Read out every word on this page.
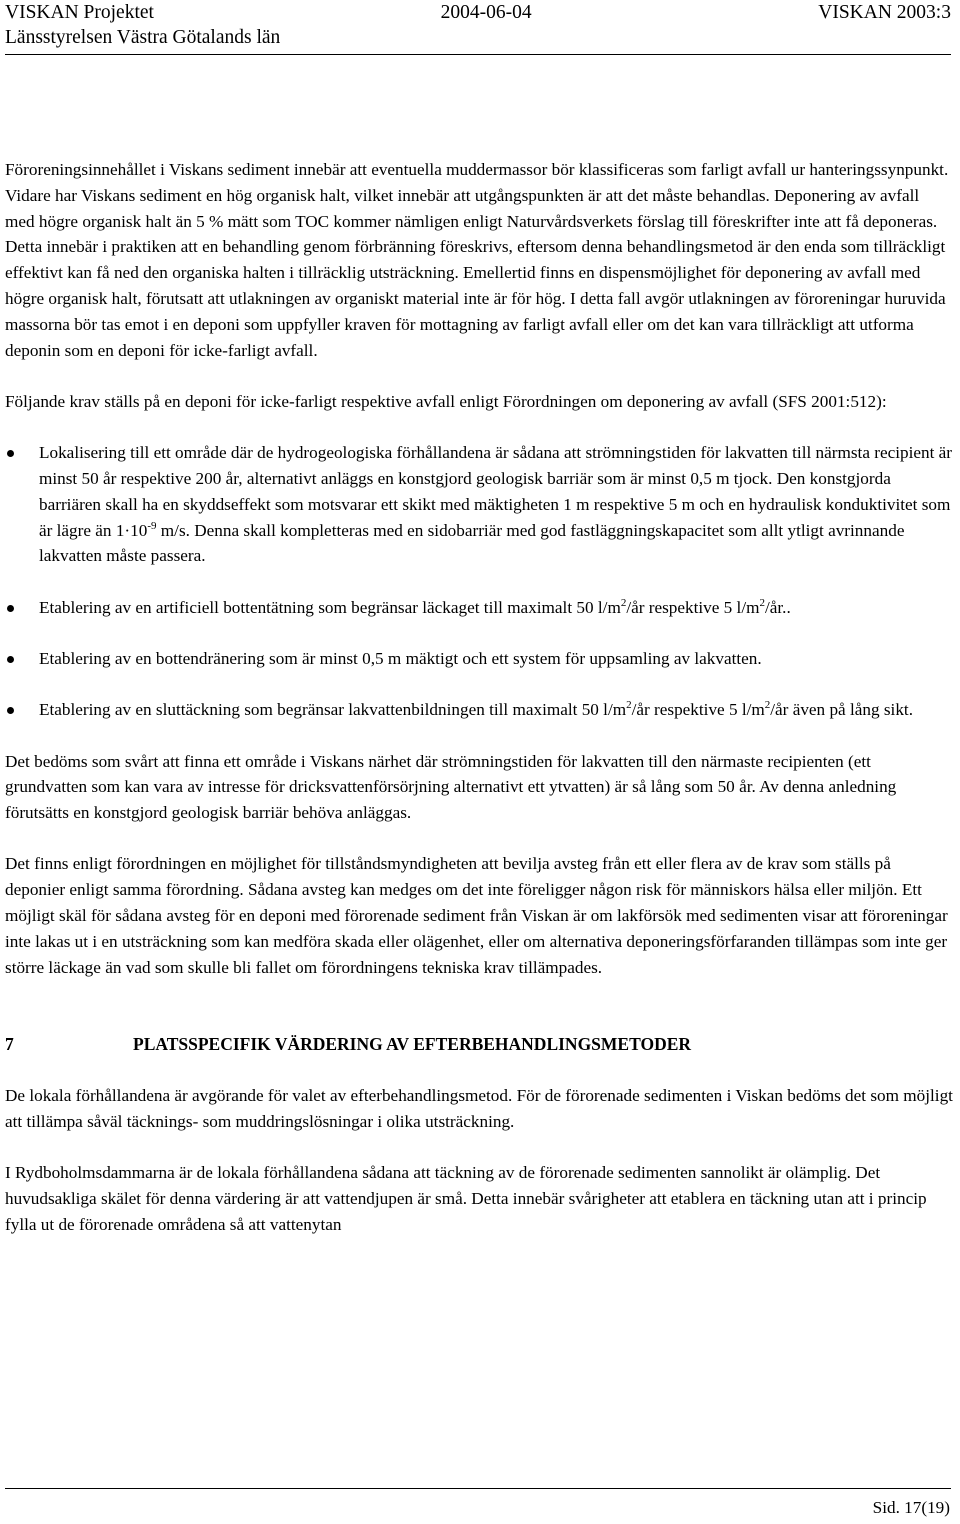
VISKAN Projektet	2004-06-04	VISKAN 2003:3
Länsstyrelsen Västra Götalands län

Föroreningsinnehållet i Viskans sediment innebär att eventuella muddermassor bör klassificeras som farligt avfall ur hanteringssynpunkt. Vidare har Viskans sediment en hög organisk halt, vilket innebär att utgångspunkten är att det måste behandlas. Deponering av avfall med högre organisk halt än 5 % mätt som TOC kommer nämligen enligt Naturvårdsverkets förslag till föreskrifter inte att få deponeras. Detta innebär i praktiken att en behandling genom förbränning föreskrivs, eftersom denna behandlingsmetod är den enda som tillräckligt effektivt kan få ned den organiska halten i tillräcklig utsträckning. Emellertid finns en dispensmöjlighet för deponering av avfall med högre organisk halt, förutsatt att utlakningen av organiskt material inte är för hög. I detta fall avgör utlakningen av föroreningar huruvida massorna bör tas emot i en deponi som uppfyller kraven för mottagning av farligt avfall eller om det kan vara tillräckligt att utforma deponin som en deponi för icke-farligt avfall.

Följande krav ställs på en deponi för icke-farligt respektive avfall enligt Förordningen om deponering av avfall (SFS 2001:512):

Lokalisering till ett område där de hydrogeologiska förhållandena är sådana att strömningstiden för lakvatten till närmsta recipient är minst 50 år respektive 200 år, alternativt anläggs en konstgjord geologisk barriär som är minst 0,5 m tjock. Den konstgjorda barriären skall ha en skyddseffekt som motsvarar ett skikt med mäktigheten 1 m respektive 5 m och en hydraulisk konduktivitet som är lägre än $1\cdot 10^{-9}$ m/s. Denna skall kompletteras med en sidobarriär med god fastläggningskapacitet som allt ytligt avrinnande lakvatten måste passera.
Etablering av en artificiell bottentätning som begränsar läckaget till maximalt 50 $l/m^2/år$ respektive 5 $l/m^2/år$..
Etablering av en bottendränering som är minst 0,5 m mäktigt och ett system för uppsamling av lakvatten.
Etablering av en sluttäckning som begränsar lakvattenbildningen till maximalt 50 $l/m^2/år$ respektive 5 $l/m^2/år$ även på lång sikt.

Det bedöms som svårt att finna ett område i Viskans närhet där strömningstiden för lakvatten till den närmaste recipienten (ett grundvatten som kan vara av intresse för dricksvattenförsörjning alternativt ett ytvatten) är så lång som 50 år. Av denna anledning förutsätts en konstgjord geologisk barriär behöva anläggas.

Det finns enligt förordningen en möjlighet för tillståndsmyndigheten att bevilja avsteg från ett eller flera av de krav som ställs på deponier enligt samma förordning. Sådana avsteg kan medges om det inte föreligger någon risk för människors hälsa eller miljön. Ett möjligt skäl för sådana avsteg för en deponi med förorenade sediment från Viskan är om lakförsök med sedimenten visar att föroreningar inte lakas ut i en utsträckning som kan medföra skada eller olägenhet, eller om alternativa deponeringsförfaranden tillämpas som inte ger större läckage än vad som skulle bli fallet om förordningens tekniska krav tillämpades.

7	PLATSSPECIFIK VÄRDERING AV EFTERBEHANDLINGSMETODER

De lokala förhållandena är avgörande för valet av efterbehandlingsmetod. För de förorenade sedimenten i Viskan bedöms det som möjligt att tillämpa såväl täcknings- som muddringslösningar i olika utsträckning.

I Rydboholmsdammarna är de lokala förhållandena sådana att täckning av de förorenade sedimenten sannolikt är olämplig. Det huvudsakliga skälet för denna värdering är att vattendjupen är små. Detta innebär svårigheter att etablera en täckning utan att i princip fylla ut de förorenade områdena så att vattenytan

Sid. 17(19)
